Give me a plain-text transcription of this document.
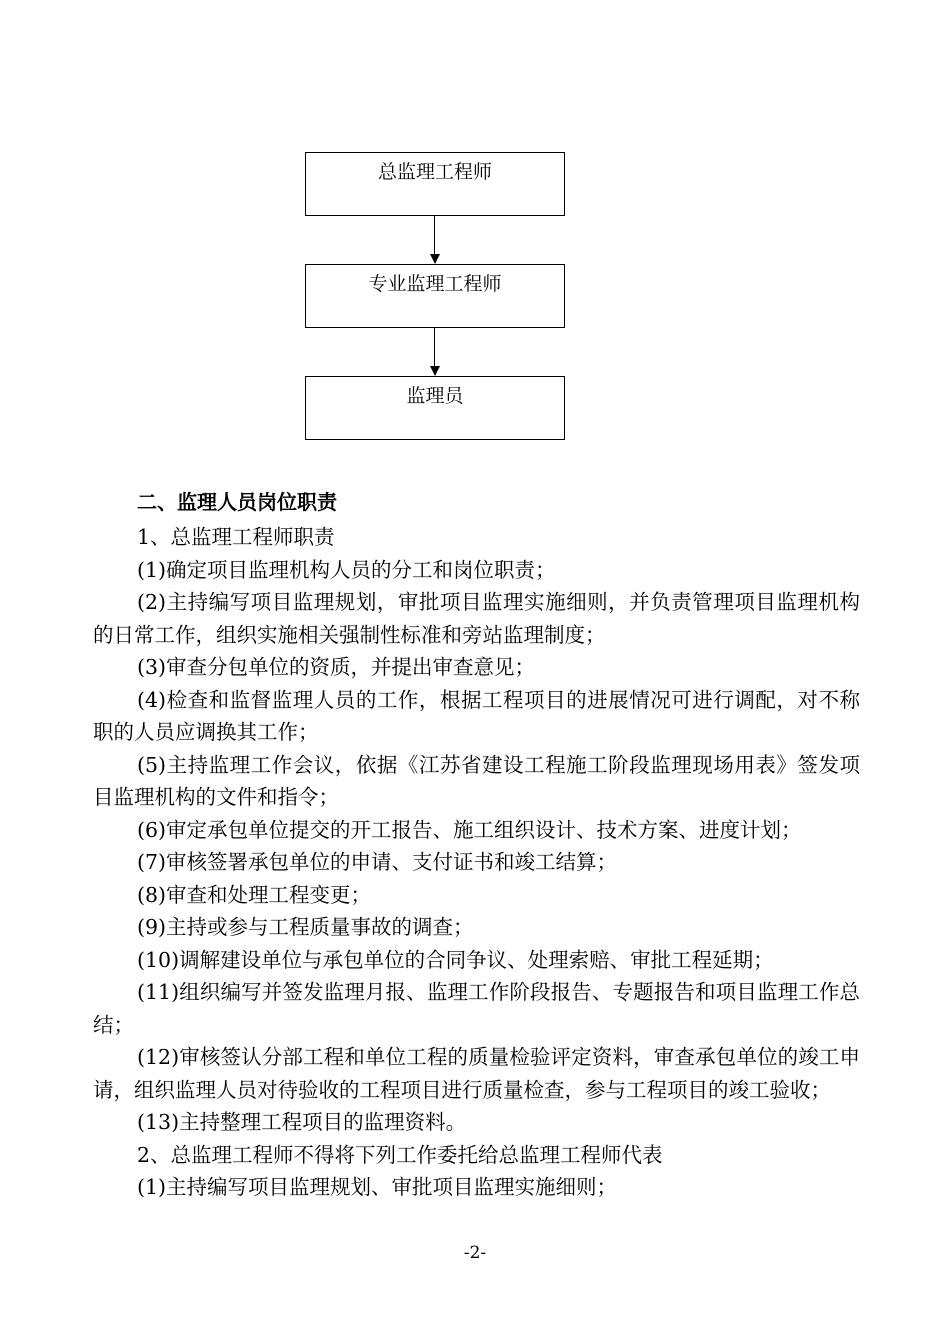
总监理工程师
专业监理工程师
监理员
二、监理人员岗位职责

1、总监理工程师职责

(1)确定项目监理机构人员的分工和岗位职责；

(2)主持编写项目监理规划，审批项目监理实施细则，并负责管理项目监理机构的日常工作，组织实施相关强制性标准和旁站监理制度；

(3)审查分包单位的资质，并提出审查意见；

(4)检查和监督监理人员的工作，根据工程项目的进展情况可进行调配，对不称职的人员应调换其工作；

(5)主持监理工作会议，依据《江苏省建设工程施工阶段监理现场用表》签发项目监理机构的文件和指令；

(6)审定承包单位提交的开工报告、施工组织设计、技术方案、进度计划；

(7)审核签署承包单位的申请、支付证书和竣工结算；

(8)审查和处理工程变更；

(9)主持或参与工程质量事故的调查；

(10)调解建设单位与承包单位的合同争议、处理索赔、审批工程延期；

(11)组织编写并签发监理月报、监理工作阶段报告、专题报告和项目监理工作总结；

(12)审核签认分部工程和单位工程的质量检验评定资料，审查承包单位的竣工申请，组织监理人员对待验收的工程项目进行质量检查，参与工程项目的竣工验收；

(13)主持整理工程项目的监理资料。

2、总监理工程师不得将下列工作委托给总监理工程师代表

(1)主持编写项目监理规划、审批项目监理实施细则；

-2-
